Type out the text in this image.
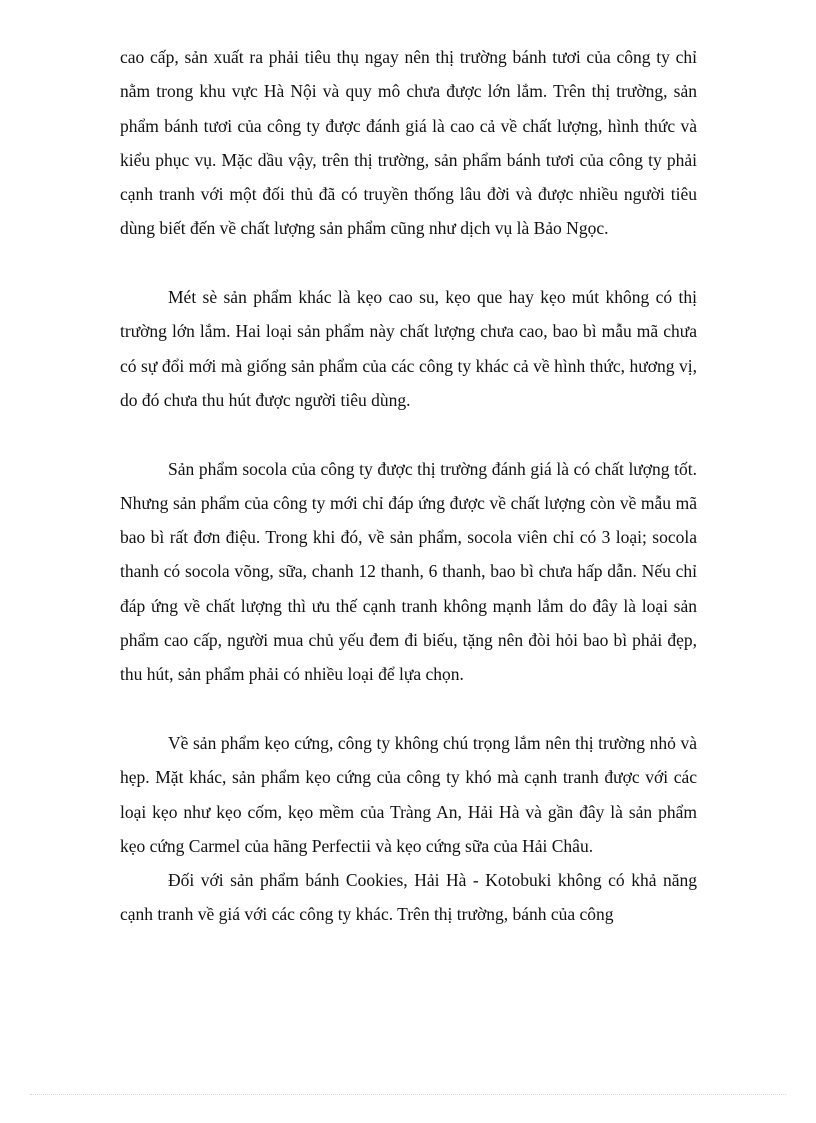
cao cấp, sản xuất ra phải tiêu thụ ngay nên thị trường bánh tươi của công ty chỉ nằm trong khu vực Hà Nội và quy mô chưa được lớn lắm. Trên thị trường, sản phẩm bánh tươi của công ty được đánh giá là cao cả về chất lượng, hình thức và kiểu phục vụ. Mặc dầu vậy, trên thị trường, sản phẩm bánh tươi của công ty phải cạnh tranh với một đối thủ đã có truyền thống lâu đời và được nhiều người tiêu dùng biết đến về chất lượng sản phẩm cũng như dịch vụ là Bảo Ngọc.

Mét sè sản phẩm khác là kẹo cao su, kẹo que hay kẹo mút không có thị trường lớn lắm. Hai loại sản phẩm này chất lượng chưa cao, bao bì mẫu mã chưa có sự đổi mới mà giống sản phẩm của các công ty khác cả về hình thức, hương vị, do đó chưa thu hút được người tiêu dùng.

Sản phẩm socola của công ty được thị trường đánh giá là có chất lượng tốt. Nhưng sản phẩm của công ty mới chỉ đáp ứng được về chất lượng còn về mẫu mã bao bì rất đơn điệu. Trong khi đó, về sản phẩm, socola viên chỉ có 3 loại; socola thanh có socola võng, sữa, chanh 12 thanh, 6 thanh, bao bì chưa hấp dẫn. Nếu chỉ đáp ứng về chất lượng thì ưu thế cạnh tranh không mạnh lắm do đây là loại sản phẩm cao cấp, người mua chủ yếu đem đi biếu, tặng nên đòi hỏi bao bì phải đẹp, thu hút, sản phẩm phải có nhiều loại để lựa chọn.

Về sản phẩm kẹo cứng, công ty không chú trọng lắm nên thị trường nhỏ và hẹp. Mặt khác, sản phẩm kẹo cứng của công ty khó mà cạnh tranh được với các loại kẹo như kẹo cốm, kẹo mềm của Tràng An, Hải Hà và gần đây là sản phẩm kẹo cứng Carmel của hãng Perfectii và kẹo cứng sữa của Hải Châu.

Đối với sản phẩm bánh Cookies, Hải Hà - Kotobuki không có khả năng cạnh tranh về giá với các công ty khác. Trên thị trường, bánh của công
